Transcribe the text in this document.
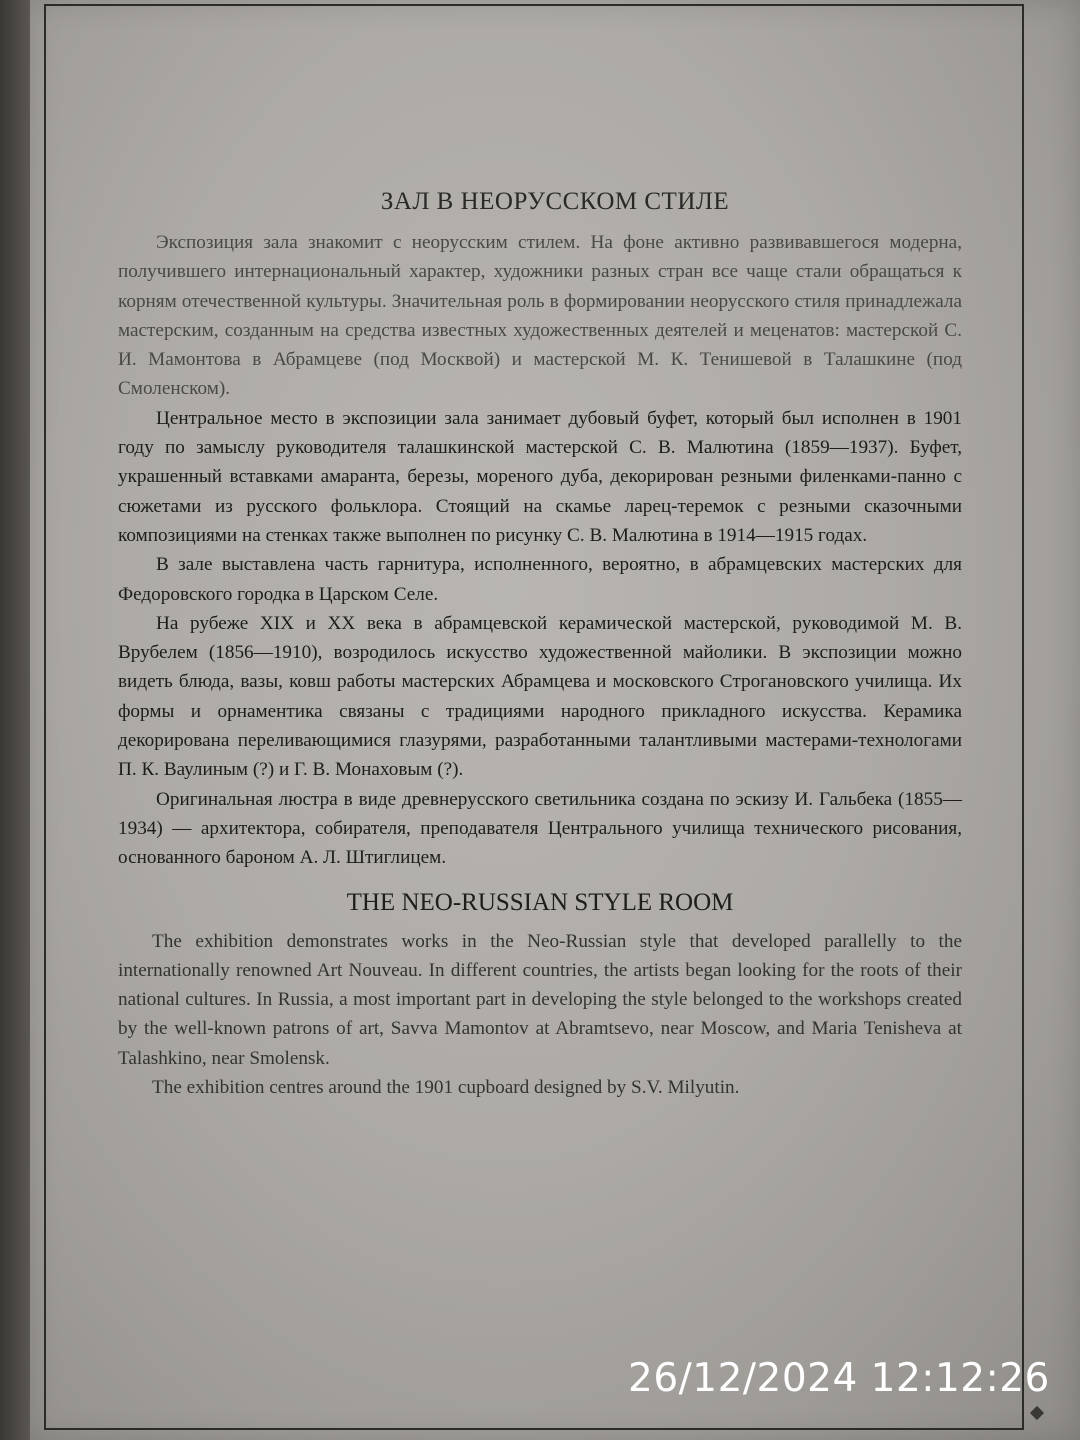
ЗАЛ В НЕОРУССКОМ СТИЛЕ

Экспозиция зала знакомит с неорусским стилем. На фоне активно развивавшегося модерна, получившего интернациональный характер, художники разных стран все чаще стали обращаться к корням отечественной культуры. Значительная роль в формировании неорусского стиля принадлежала мастерским, созданным на средства известных художественных деятелей и меценатов: мастерской С. И. Мамонтова в Абрамцеве (под Москвой) и мастерской М. К. Тенишевой в Талашкине (под Смоленском).

Центральное место в экспозиции зала занимает дубовый буфет, который был исполнен в 1901 году по замыслу руководителя талашкинской мастерской С. В. Малютина (1859—1937). Буфет, украшенный вставками амаранта, березы, мореного дуба, декорирован резными филенками-панно с сюжетами из русского фольклора. Стоящий на скамье ларец-теремок с резными сказочными композициями на стенках также выполнен по рисунку С. В. Малютина в 1914—1915 годах.

В зале выставлена часть гарнитура, исполненного, вероятно, в абрамцевских мастерских для Федоровского городка в Царском Селе.

На рубеже XIX и XX века в абрамцевской керамической мастерской, руководимой М. В. Врубелем (1856—1910), возродилось искусство художественной майолики. В экспозиции можно видеть блюда, вазы, ковш работы мастерских Абрамцева и московского Строгановского училища. Их формы и орнаментика связаны с традициями народного прикладного искусства. Керамика декорирована переливающимися глазурями, разработанными талантливыми мастерами-технологами П. К. Ваулиным (?) и Г. В. Монаховым (?).

Оригинальная люстра в виде древнерусского светильника создана по эскизу И. Гальбека (1855—1934) — архитектора, собирателя, преподавателя Центрального училища технического рисования, основанного бароном А. Л. Штиглицем.

THE NEO-RUSSIAN STYLE ROOM

The exhibition demonstrates works in the Neo-Russian style that developed parallelly to the internationally renowned Art Nouveau. In different countries, the artists began looking for the roots of their national cultures. In Russia, a most important part in developing the style belonged to the workshops created by the well-known patrons of art, Savva Mamontov at Abramtsevo, near Moscow, and Maria Tenisheva at Talashkino, near Smolensk.

The exhibition centres around the 1901 cupboard designed by S.V. Milyutin.

26/12/2024 12:12:26
